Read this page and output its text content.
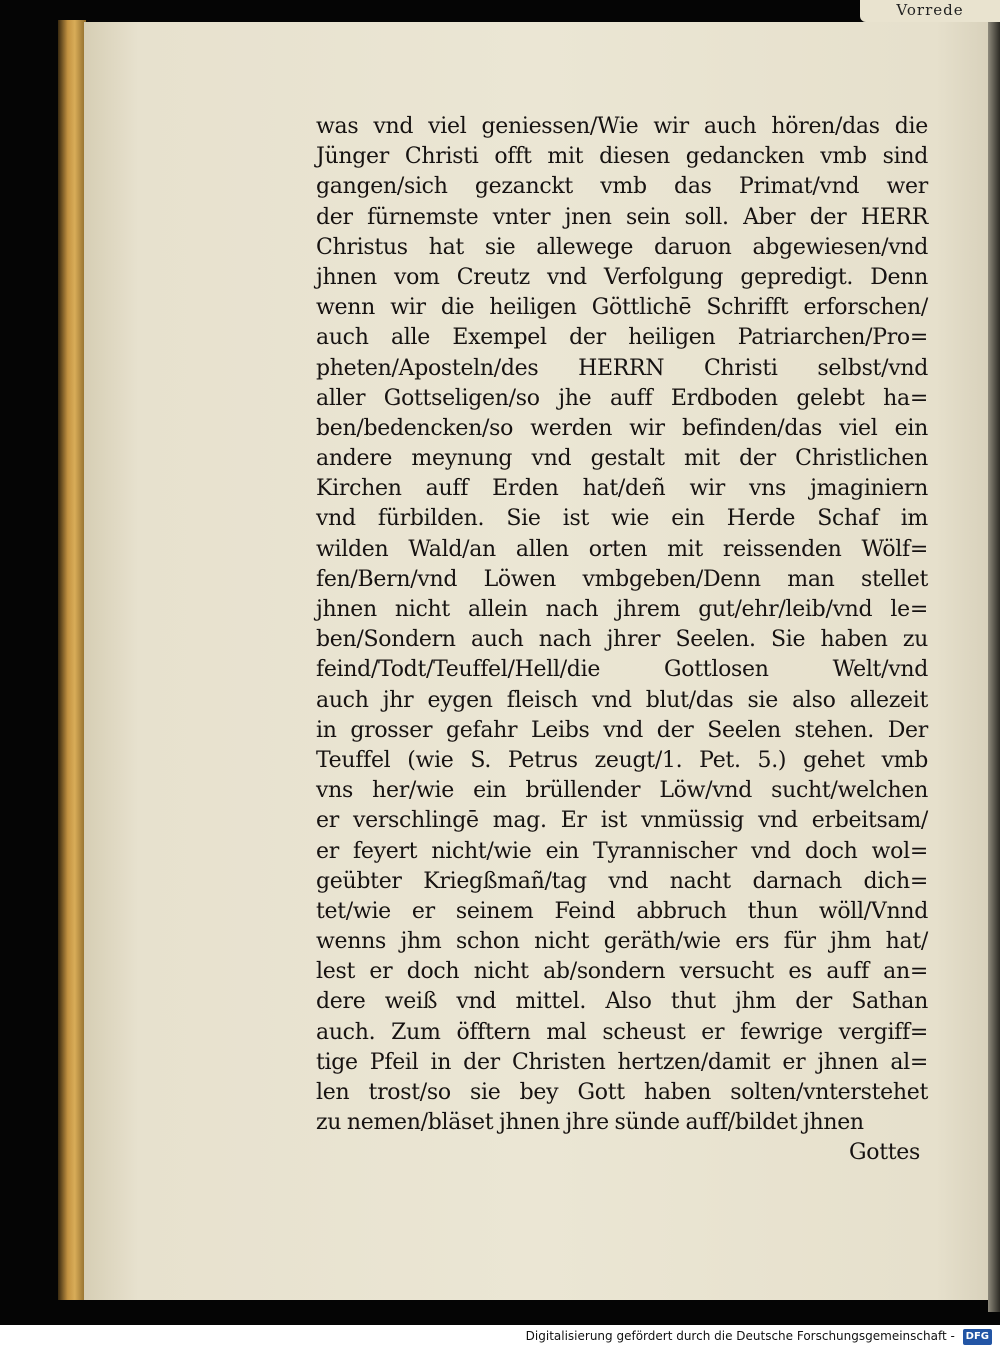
Vorrede
was vnd viel geniessen/Wie wir auch hören/das die
Jünger Christi offt mit diesen gedancken vmb sind
gangen/sich gezanckt vmb das Primat/vnd wer
der fürnemste vnter jnen sein soll. Aber der HERR
Christus hat sie allewege daruon abgewiesen/vnd
jhnen vom Creutz vnd Verfolgung gepredigt. Denn
wenn wir die heiligen Göttlichē Schrifft erforschen/
auch alle Exempel der heiligen Patriarchen/Pro=
pheten/Aposteln/des HERRN Christi selbst/vnd
aller Gottseligen/so jhe auff Erdboden gelebt ha=
ben/bedencken/so werden wir befinden/das viel ein
andere meynung vnd gestalt mit der Christlichen
Kirchen auff Erden hat/deñ wir vns jmaginiern
vnd fürbilden. Sie ist wie ein Herde Schaf im
wilden Wald/an allen orten mit reissenden Wölf=
fen/Bern/vnd Löwen vmbgeben/Denn man stellet
jhnen nicht allein nach jhrem gut/ehr/leib/vnd le=
ben/Sondern auch nach jhrer Seelen. Sie haben zu
feind/Todt/Teuffel/Hell/die Gottlosen Welt/vnd
auch jhr eygen fleisch vnd blut/das sie also allezeit
in grosser gefahr Leibs vnd der Seelen stehen. Der
Teuffel (wie S. Petrus zeugt/1. Pet. 5.) gehet vmb
vns her/wie ein brüllender Löw/vnd sucht/welchen
er verschlingē mag. Er ist vnmüssig vnd erbeitsam/
er feyert nicht/wie ein Tyrannischer vnd doch wol=
geübter Kriegßmañ/tag vnd nacht darnach dich=
tet/wie er seinem Feind abbruch thun wöll/Vnnd
wenns jhm schon nicht geräth/wie ers für jhm hat/
lest er doch nicht ab/sondern versucht es auff an=
dere weiß vnd mittel. Also thut jhm der Sathan
auch. Zum öfftern mal scheust er fewrige vergiff=
tige Pfeil in der Christen hertzen/damit er jhnen al=
len trost/so sie bey Gott haben solten/vnterstehet
zu nemen/bläset jhnen jhre sünde auff/bildet jhnen
Gottes
Digitalisierung gefördert durch die Deutsche Forschungsgemeinschaft - DFG
